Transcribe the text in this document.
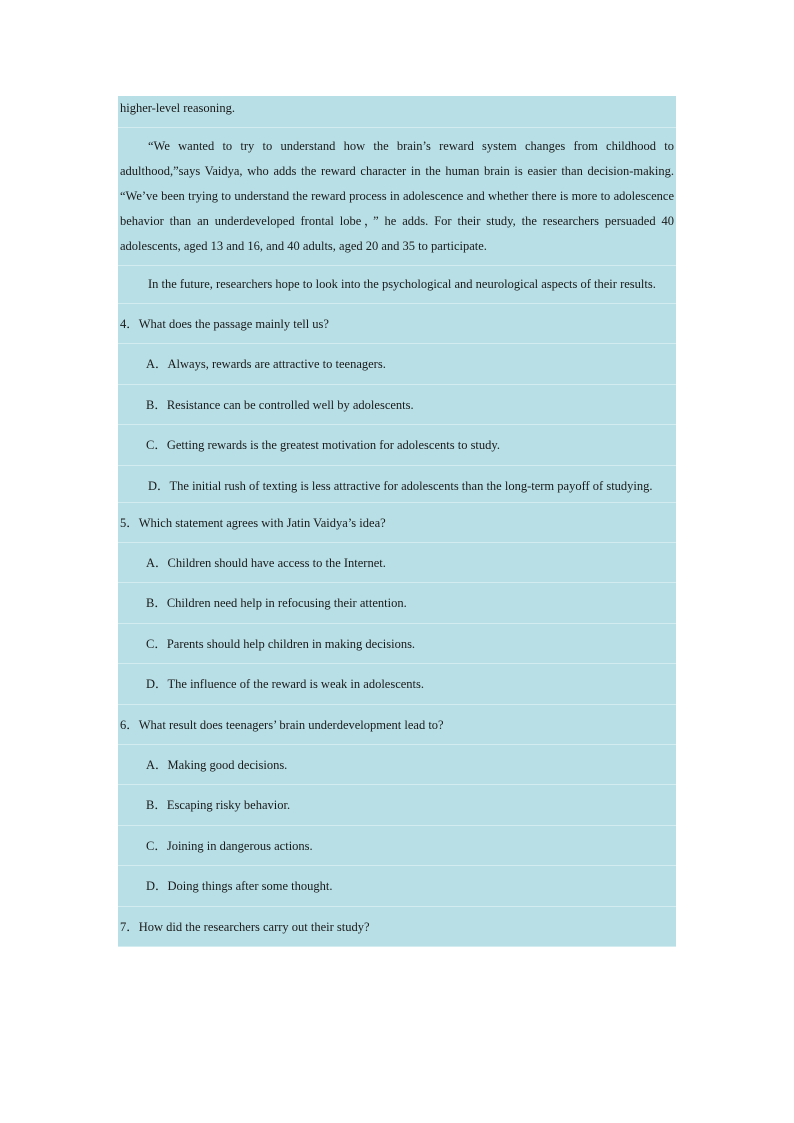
higher-level reasoning.
“We wanted to try to understand how the brain’s reward system changes from childhood to adulthood,”says Vaidya, who adds the reward character in the human brain is easier than decision-making. “We’ve been trying to understand the reward process in adolescence and whether there is more to adolescence behavior than an underdeveloped frontal lobe，” he adds. For their study, the researchers persuaded 40 adolescents, aged 13 and 16, and 40 adults, aged 20 and 35 to participate.
In the future, researchers hope to look into the psychological and neurological aspects of their results.
4．What does the passage mainly tell us?
A．Always, rewards are attractive to teenagers.
B．Resistance can be controlled well by adolescents.
C．Getting rewards is the greatest motivation for adolescents to study.
D．The initial rush of texting is less attractive for adolescents than the long-term payoff of studying.
5．Which statement agrees with Jatin Vaidya’s idea?
A．Children should have access to the Internet.
B．Children need help in refocusing their attention.
C．Parents should help children in making decisions.
D．The influence of the reward is weak in adolescents.
6．What result does teenagers’ brain underdevelopment lead to?
A．Making good decisions.
B．Escaping risky behavior.
C．Joining in dangerous actions.
D．Doing things after some thought.
7．How did the researchers carry out their study?
